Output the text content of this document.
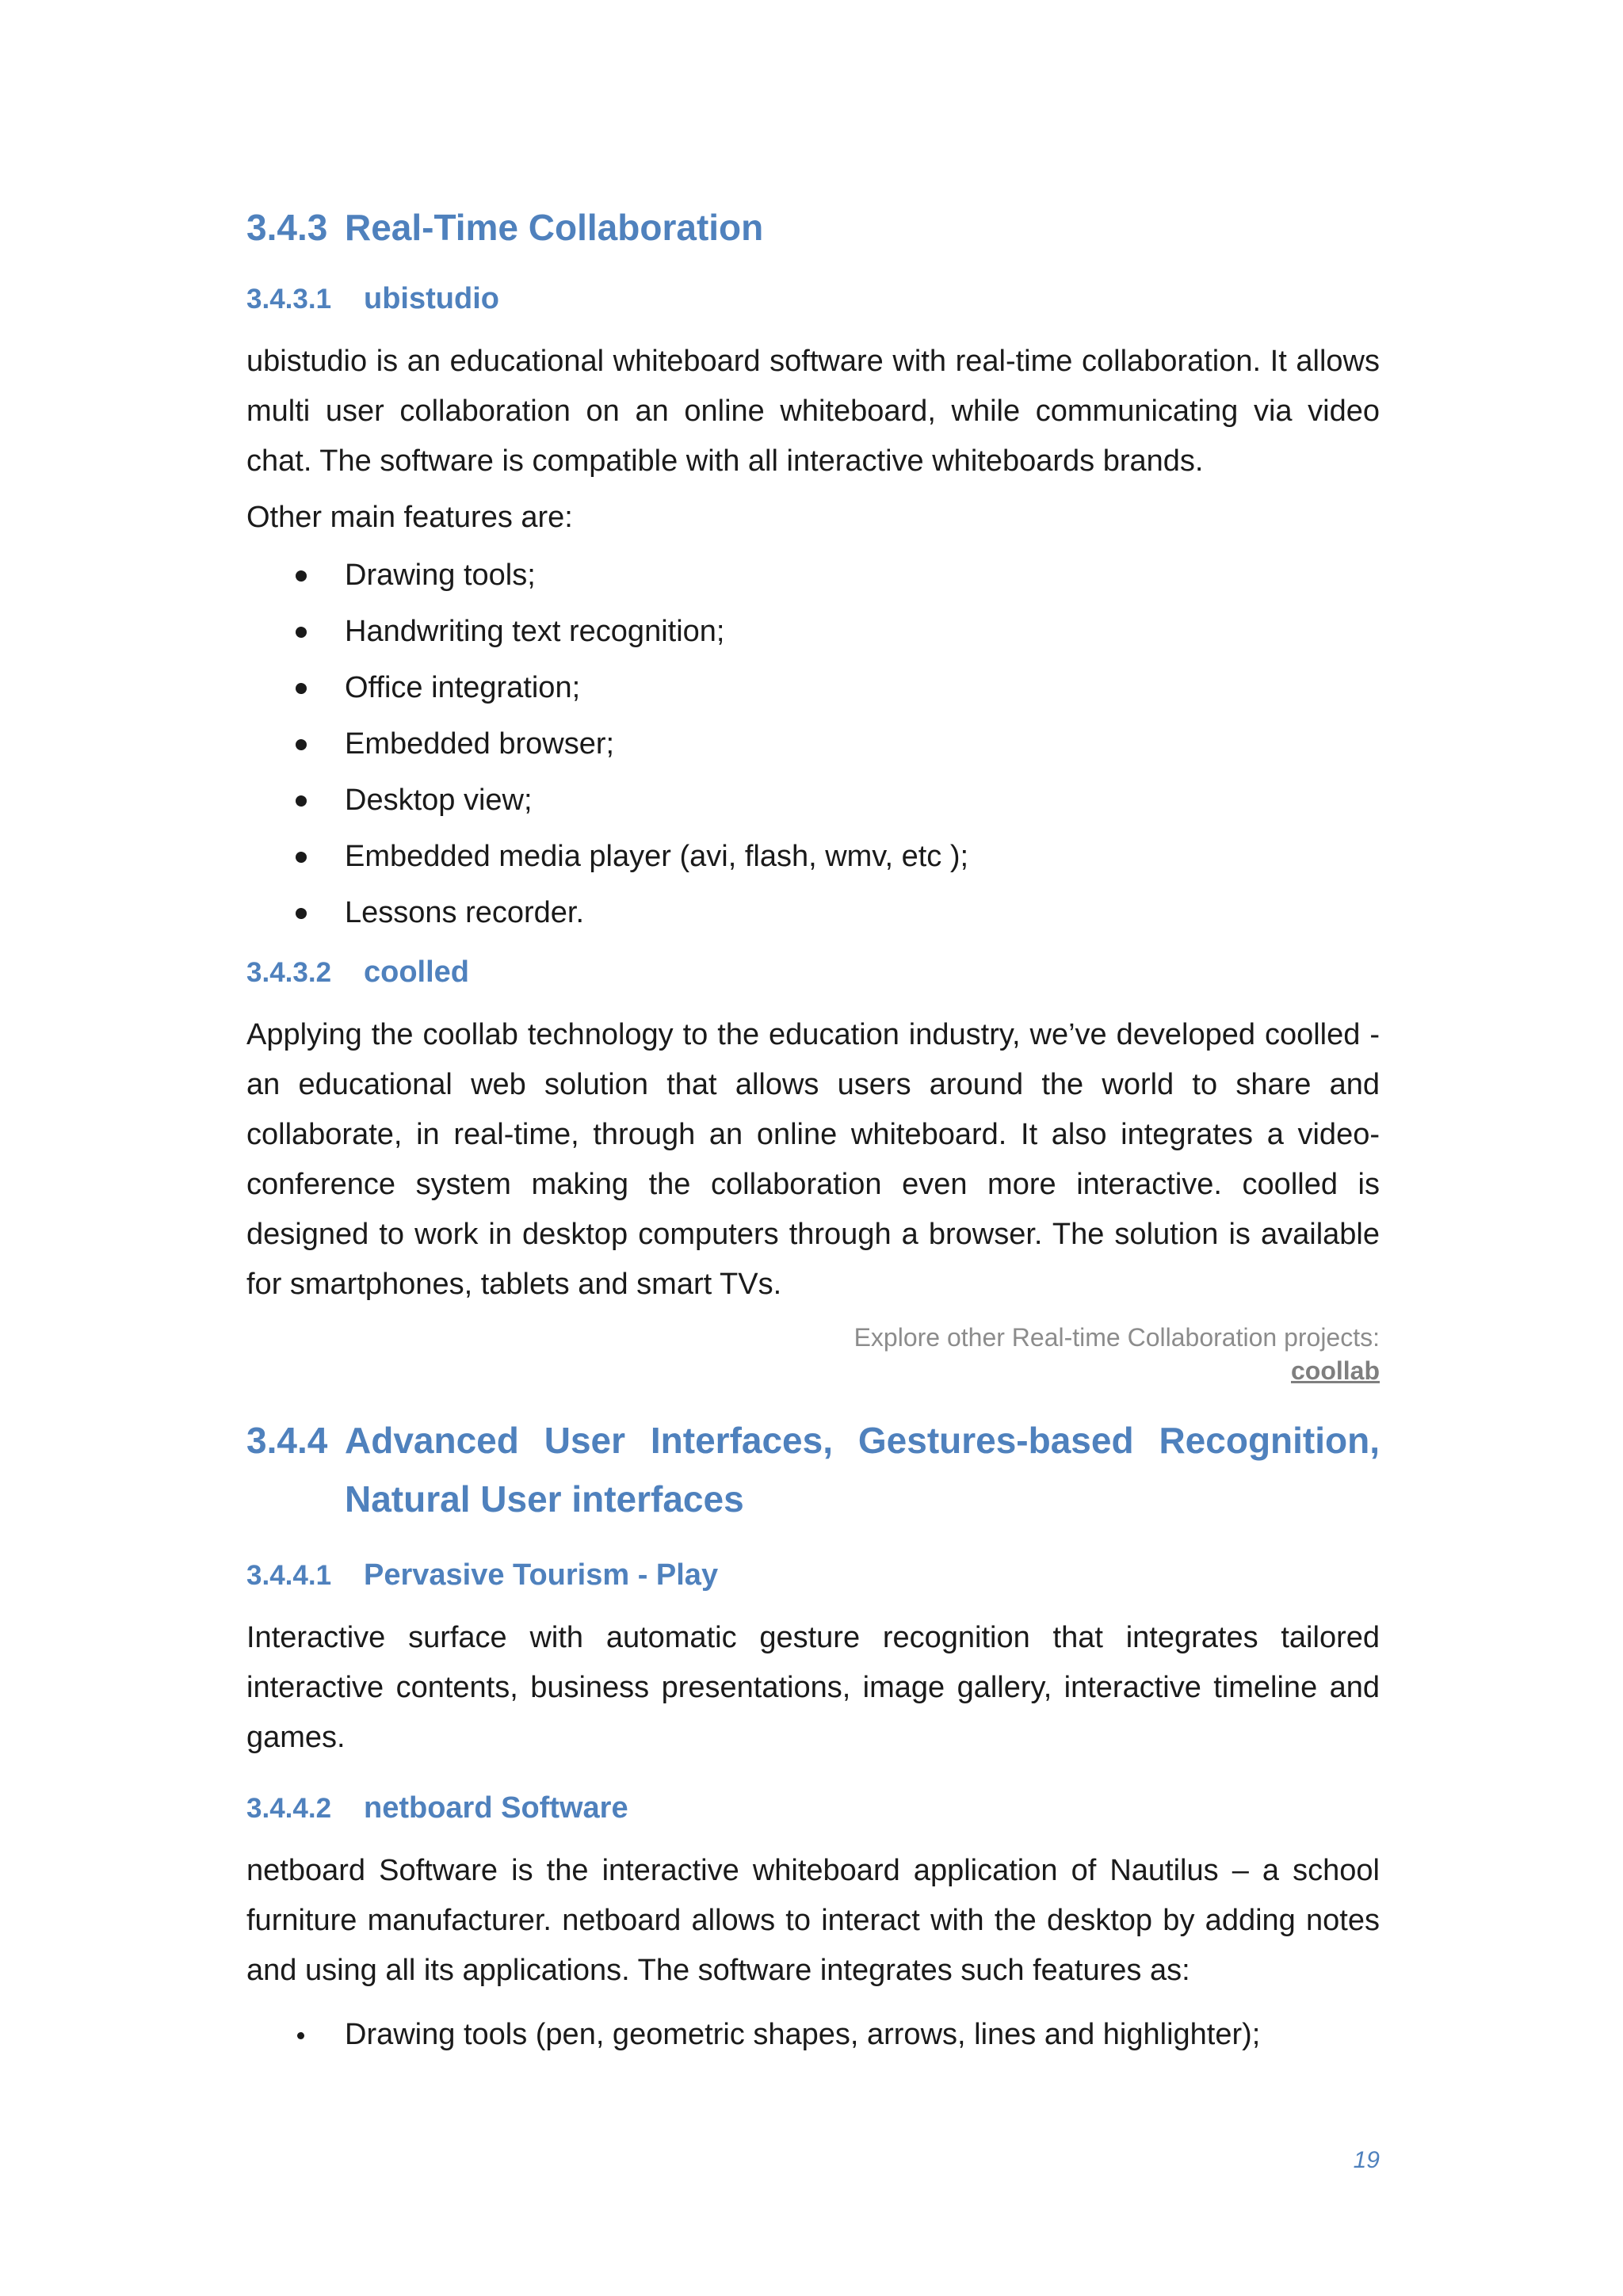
3.4.3 Real-Time Collaboration
3.4.3.1	ubistudio

ubistudio is an educational whiteboard software with real-time collaboration. It allows multi user collaboration on an online whiteboard, while communicating via video chat. The software is compatible with all interactive whiteboards brands.

Other main features are:

Drawing tools;
Handwriting text recognition;
Office integration;
Embedded browser;
Desktop view;
Embedded media player (avi, flash, wmv, etc );
Lessons recorder.
3.4.3.2	coolled

Applying the coollab technology to the education industry, we’ve developed coolled - an educational web solution that allows users around the world to share and collaborate, in real-time, through an online whiteboard. It also integrates a video-conference system making the collaboration even more interactive. coolled is designed to work in desktop computers through a browser. The solution is available for smartphones, tablets and smart TVs.

Explore other Real-time Collaboration projects:
coollab
3.4.4 Advanced User Interfaces, Gestures-based Recognition, Natural User interfaces
3.4.4.1	Pervasive Tourism - Play

Interactive surface with automatic gesture recognition that integrates tailored interactive contents, business presentations, image gallery, interactive timeline and games.

3.4.4.2	netboard Software

netboard Software is the interactive whiteboard application of Nautilus – a school furniture manufacturer. netboard allows to interact with the desktop by adding notes and using all its applications. The software integrates such features as:

Drawing tools (pen, geometric shapes, arrows, lines and highlighter);
19
